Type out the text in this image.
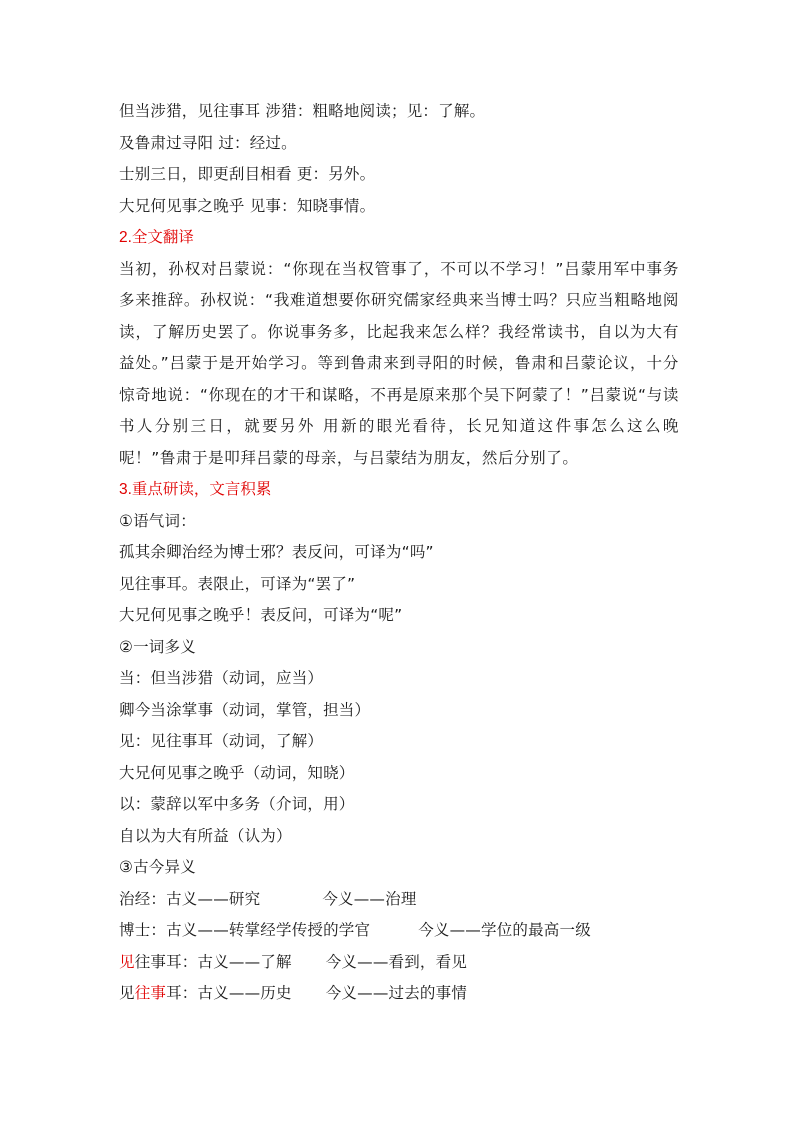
但当涉猎，见往事耳 涉猎：粗略地阅读；见：了解。
及鲁肃过寻阳 过：经过。
士别三日，即更刮目相看 更：另外。
大兄何见事之晚乎 见事：知晓事情。
2.全文翻译
当初，孙权对吕蒙说：“你现在当权管事了，不可以不学习！”吕蒙用军中事务多来推辞。孙权说：“我难道想要你研究儒家经典来当博士吗？只应当粗略地阅读，了解历史罢了。你说事务多，比起我来怎么样？我经常读书，自以为大有益处。”吕蒙于是开始学习。等到鲁肃来到寻阳的时候，鲁肃和吕蒙论议，十分惊奇地说：“你现在的才干和谋略，不再是原来那个吴下阿蒙了！”吕蒙说“与读书人分别三日，就要另外 用新的眼光看待，长兄知道这件事怎么这么晚呢！”鲁肃于是叩拜吕蒙的母亲，与吕蒙结为朋友，然后分别了。
3.重点研读，文言积累
①语气词：
孤其余卿治经为博士邪？表反问，可译为“吗”
见往事耳。表限止，可译为“罢了”
大兄何见事之晚乎！表反问，可译为“呢”
②一词多义
当：但当涉猎（动词，应当）
卿今当涂掌事（动词，掌管，担当）
见：见往事耳（动词，了解）
大兄何见事之晚乎（动词，知晓）
以：蒙辞以军中多务（介词，用）
自以为大有所益（认为）
③古今异义
治经：古义——研究	今义——治理
博士：古义——转掌经学传授的学官	今义——学位的最高一级
见往事耳：古义——了解 今义——看到，看见
见往事耳：古义——历史 今义——过去的事情
